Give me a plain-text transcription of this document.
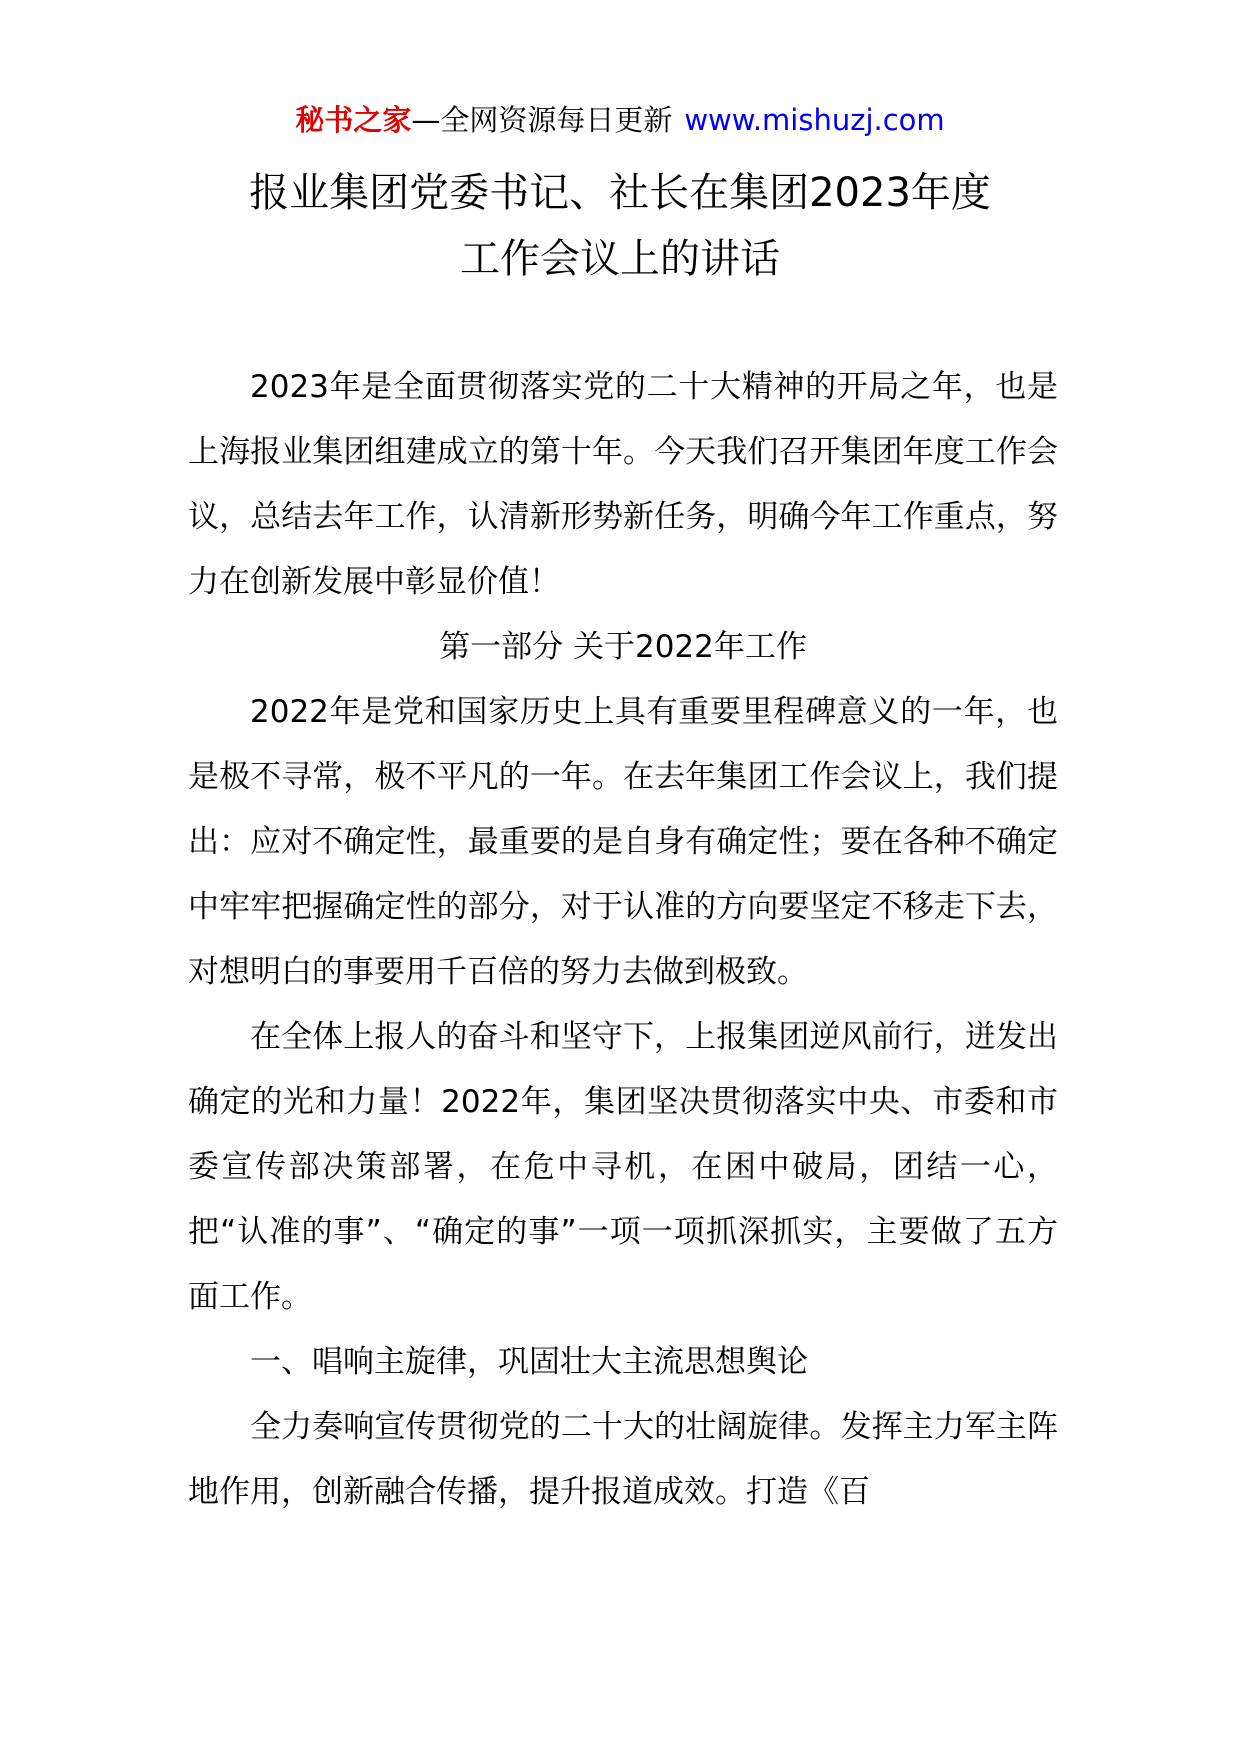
秘书之家—全网资源每日更新 www.mishuzj.com
报业集团党委书记、社长在集团2023年度
工作会议上的讲话

2023年是全面贯彻落实党的二十大精神的开局之年，也是上海报业集团组建成立的第十年。今天我们召开集团年度工作会议，总结去年工作，认清新形势新任务，明确今年工作重点，努力在创新发展中彰显价值！

第一部分 关于2022年工作

2022年是党和国家历史上具有重要里程碑意义的一年，也是极不寻常，极不平凡的一年。在去年集团工作会议上，我们提出：应对不确定性，最重要的是自身有确定性；要在各种不确定中牢牢把握确定性的部分，对于认准的方向要坚定不移走下去，对想明白的事要用千百倍的努力去做到极致。

在全体上报人的奋斗和坚守下，上报集团逆风前行，迸发出确定的光和力量！2022年，集团坚决贯彻落实中央、市委和市委宣传部决策部署，在危中寻机，在困中破局，团结一心，把“认准的事”、“确定的事”一项一项抓深抓实，主要做了五方面工作。

一、唱响主旋律，巩固壮大主流思想舆论

全力奏响宣传贯彻党的二十大的壮阔旋律。发挥主力军主阵地作用，创新融合传播，提升报道成效。打造《百
